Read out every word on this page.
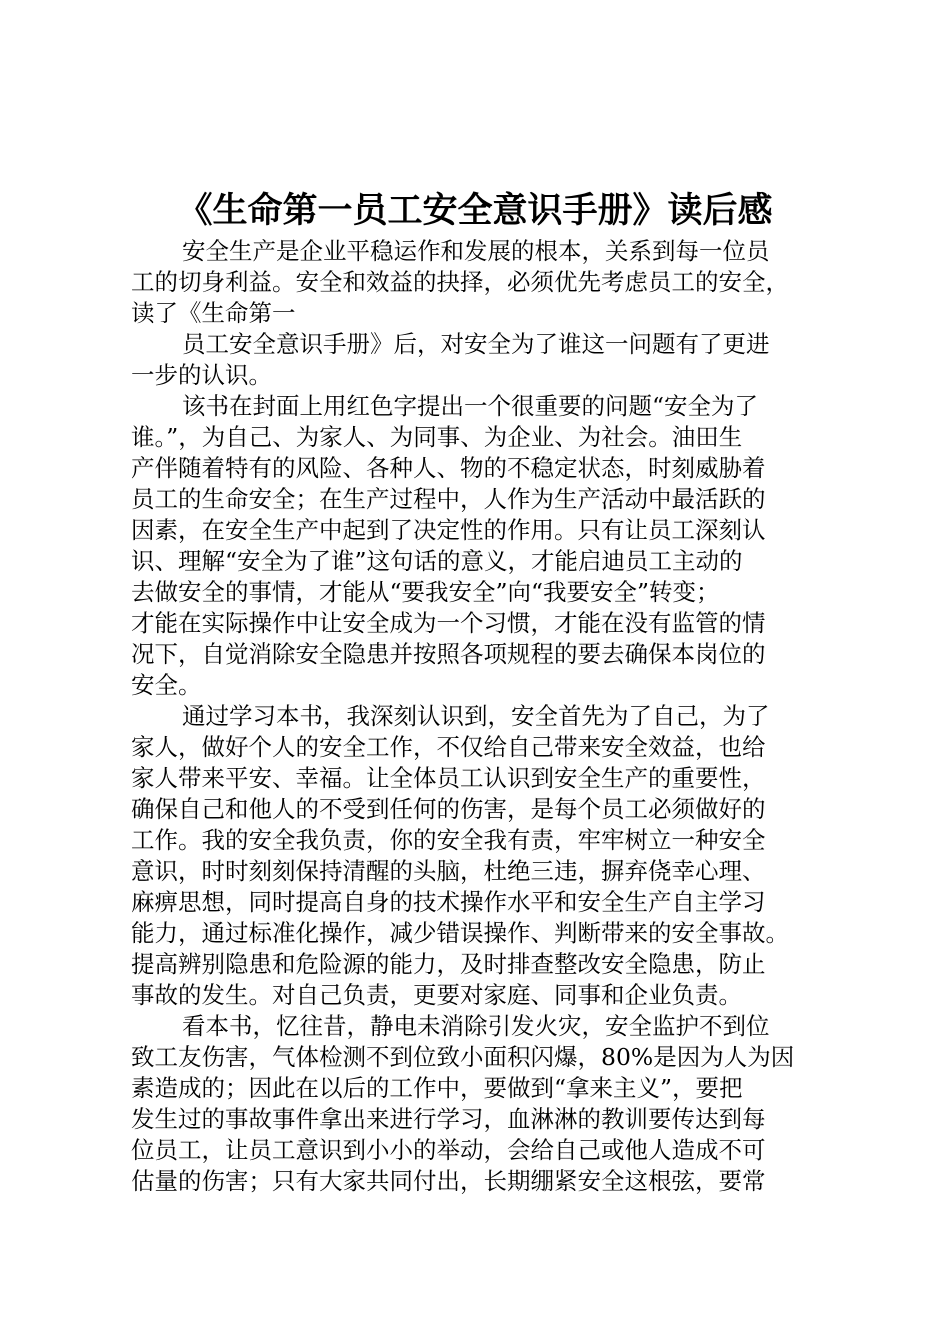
《生命第一员工安全意识手册》读后感
安全生产是企业平稳运作和发展的根本，关系到每一位员
工的切身利益。安全和效益的抉择，必须优先考虑员工的安全，
读了《生命第一
员工安全意识手册》后，对安全为了谁这一问题有了更进
一步的认识。
该书在封面上用红色字提出一个很重要的问题“安全为了
谁。”，为自己、为家人、为同事、为企业、为社会。油田生
产伴随着特有的风险、各种人、物的不稳定状态，时刻威胁着
员工的生命安全；在生产过程中，人作为生产活动中最活跃的
因素，在安全生产中起到了决定性的作用。只有让员工深刻认
识、理解“安全为了谁”这句话的意义，才能启迪员工主动的
去做安全的事情，才能从“要我安全”向“我要安全”转变；
才能在实际操作中让安全成为一个习惯，才能在没有监管的情
况下，自觉消除安全隐患并按照各项规程的要去确保本岗位的
安全。
通过学习本书，我深刻认识到，安全首先为了自己，为了
家人，做好个人的安全工作，不仅给自己带来安全效益，也给
家人带来平安、幸福。让全体员工认识到安全生产的重要性，
确保自己和他人的不受到任何的伤害，是每个员工必须做好的
工作。我的安全我负责，你的安全我有责，牢牢树立一种安全
意识，时时刻刻保持清醒的头脑，杜绝三违，摒弃侥幸心理、
麻痹思想，同时提高自身的技术操作水平和安全生产自主学习
能力，通过标准化操作，减少错误操作、判断带来的安全事故。
提高辨别隐患和危险源的能力，及时排查整改安全隐患，防止
事故的发生。对自己负责，更要对家庭、同事和企业负责。
看本书，忆往昔，静电未消除引发火灾，安全监护不到位
致工友伤害，气体检测不到位致小面积闪爆，80%是因为人为因
素造成的；因此在以后的工作中，要做到“拿来主义”，要把
发生过的事故事件拿出来进行学习，血淋淋的教训要传达到每
位员工，让员工意识到小小的举动，会给自己或他人造成不可
估量的伤害；只有大家共同付出，长期绷紧安全这根弦，要常
